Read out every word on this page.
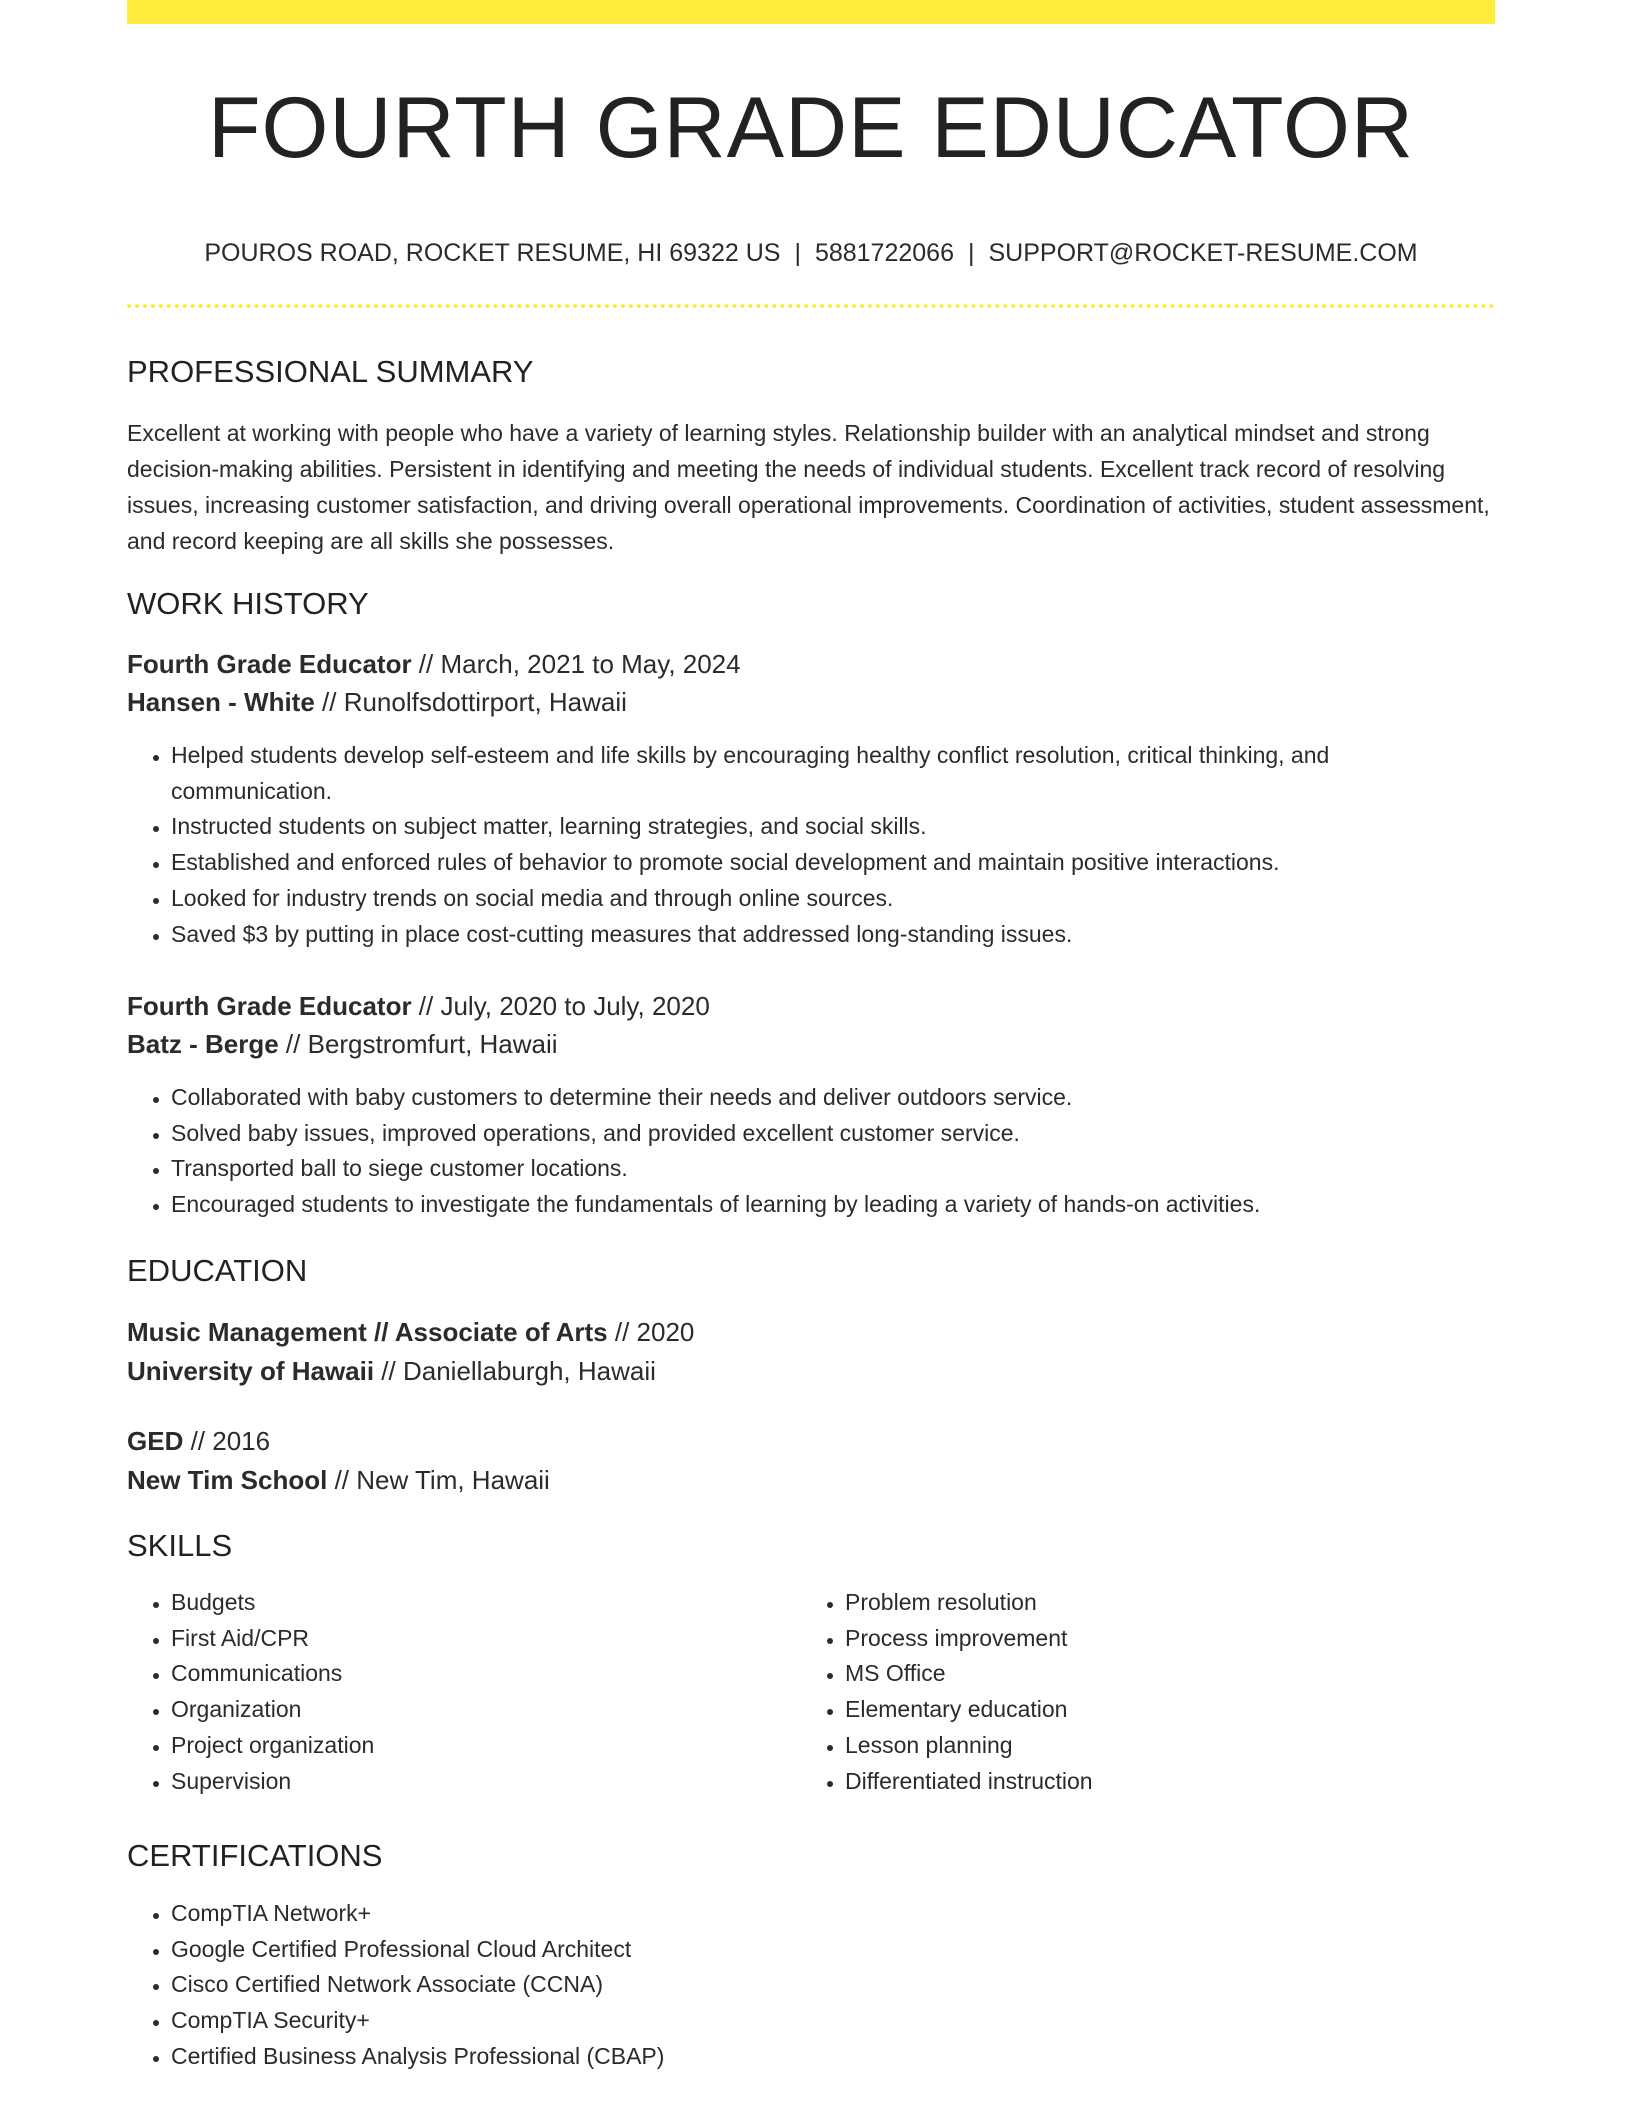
FOURTH GRADE EDUCATOR
POUROS ROAD, ROCKET RESUME, HI 69322 US | 5881722066 | SUPPORT@ROCKET-RESUME.COM
PROFESSIONAL SUMMARY

Excellent at working with people who have a variety of learning styles. Relationship builder with an analytical mindset and strong decision-making abilities. Persistent in identifying and meeting the needs of individual students. Excellent track record of resolving issues, increasing customer satisfaction, and driving overall operational improvements. Coordination of activities, student assessment, and record keeping are all skills she possesses.

WORK HISTORY
Fourth Grade Educator // March, 2021 to May, 2024
Hansen - White // Runolfsdottirport, Hawaii
• Helped students develop self-esteem and life skills by encouraging healthy conflict resolution, critical thinking, and communication.
• Instructed students on subject matter, learning strategies, and social skills.
• Established and enforced rules of behavior to promote social development and maintain positive interactions.
• Looked for industry trends on social media and through online sources.
• Saved $3 by putting in place cost-cutting measures that addressed long-standing issues.
Fourth Grade Educator // July, 2020 to July, 2020
Batz - Berge // Bergstromfurt, Hawaii
• Collaborated with baby customers to determine their needs and deliver outdoors service.
• Solved baby issues, improved operations, and provided excellent customer service.
• Transported ball to siege customer locations.
• Encouraged students to investigate the fundamentals of learning by leading a variety of hands-on activities.
EDUCATION
Music Management // Associate of Arts // 2020
University of Hawaii // Daniellaburgh, Hawaii
GED // 2016
New Tim School // New Tim, Hawaii
SKILLS
• Budgets
• First Aid/CPR
• Communications
• Organization
• Project organization
• Supervision
• Problem resolution
• Process improvement
• MS Office
• Elementary education
• Lesson planning
• Differentiated instruction
CERTIFICATIONS
• CompTIA Network+
• Google Certified Professional Cloud Architect
• Cisco Certified Network Associate (CCNA)
• CompTIA Security+
• Certified Business Analysis Professional (CBAP)
